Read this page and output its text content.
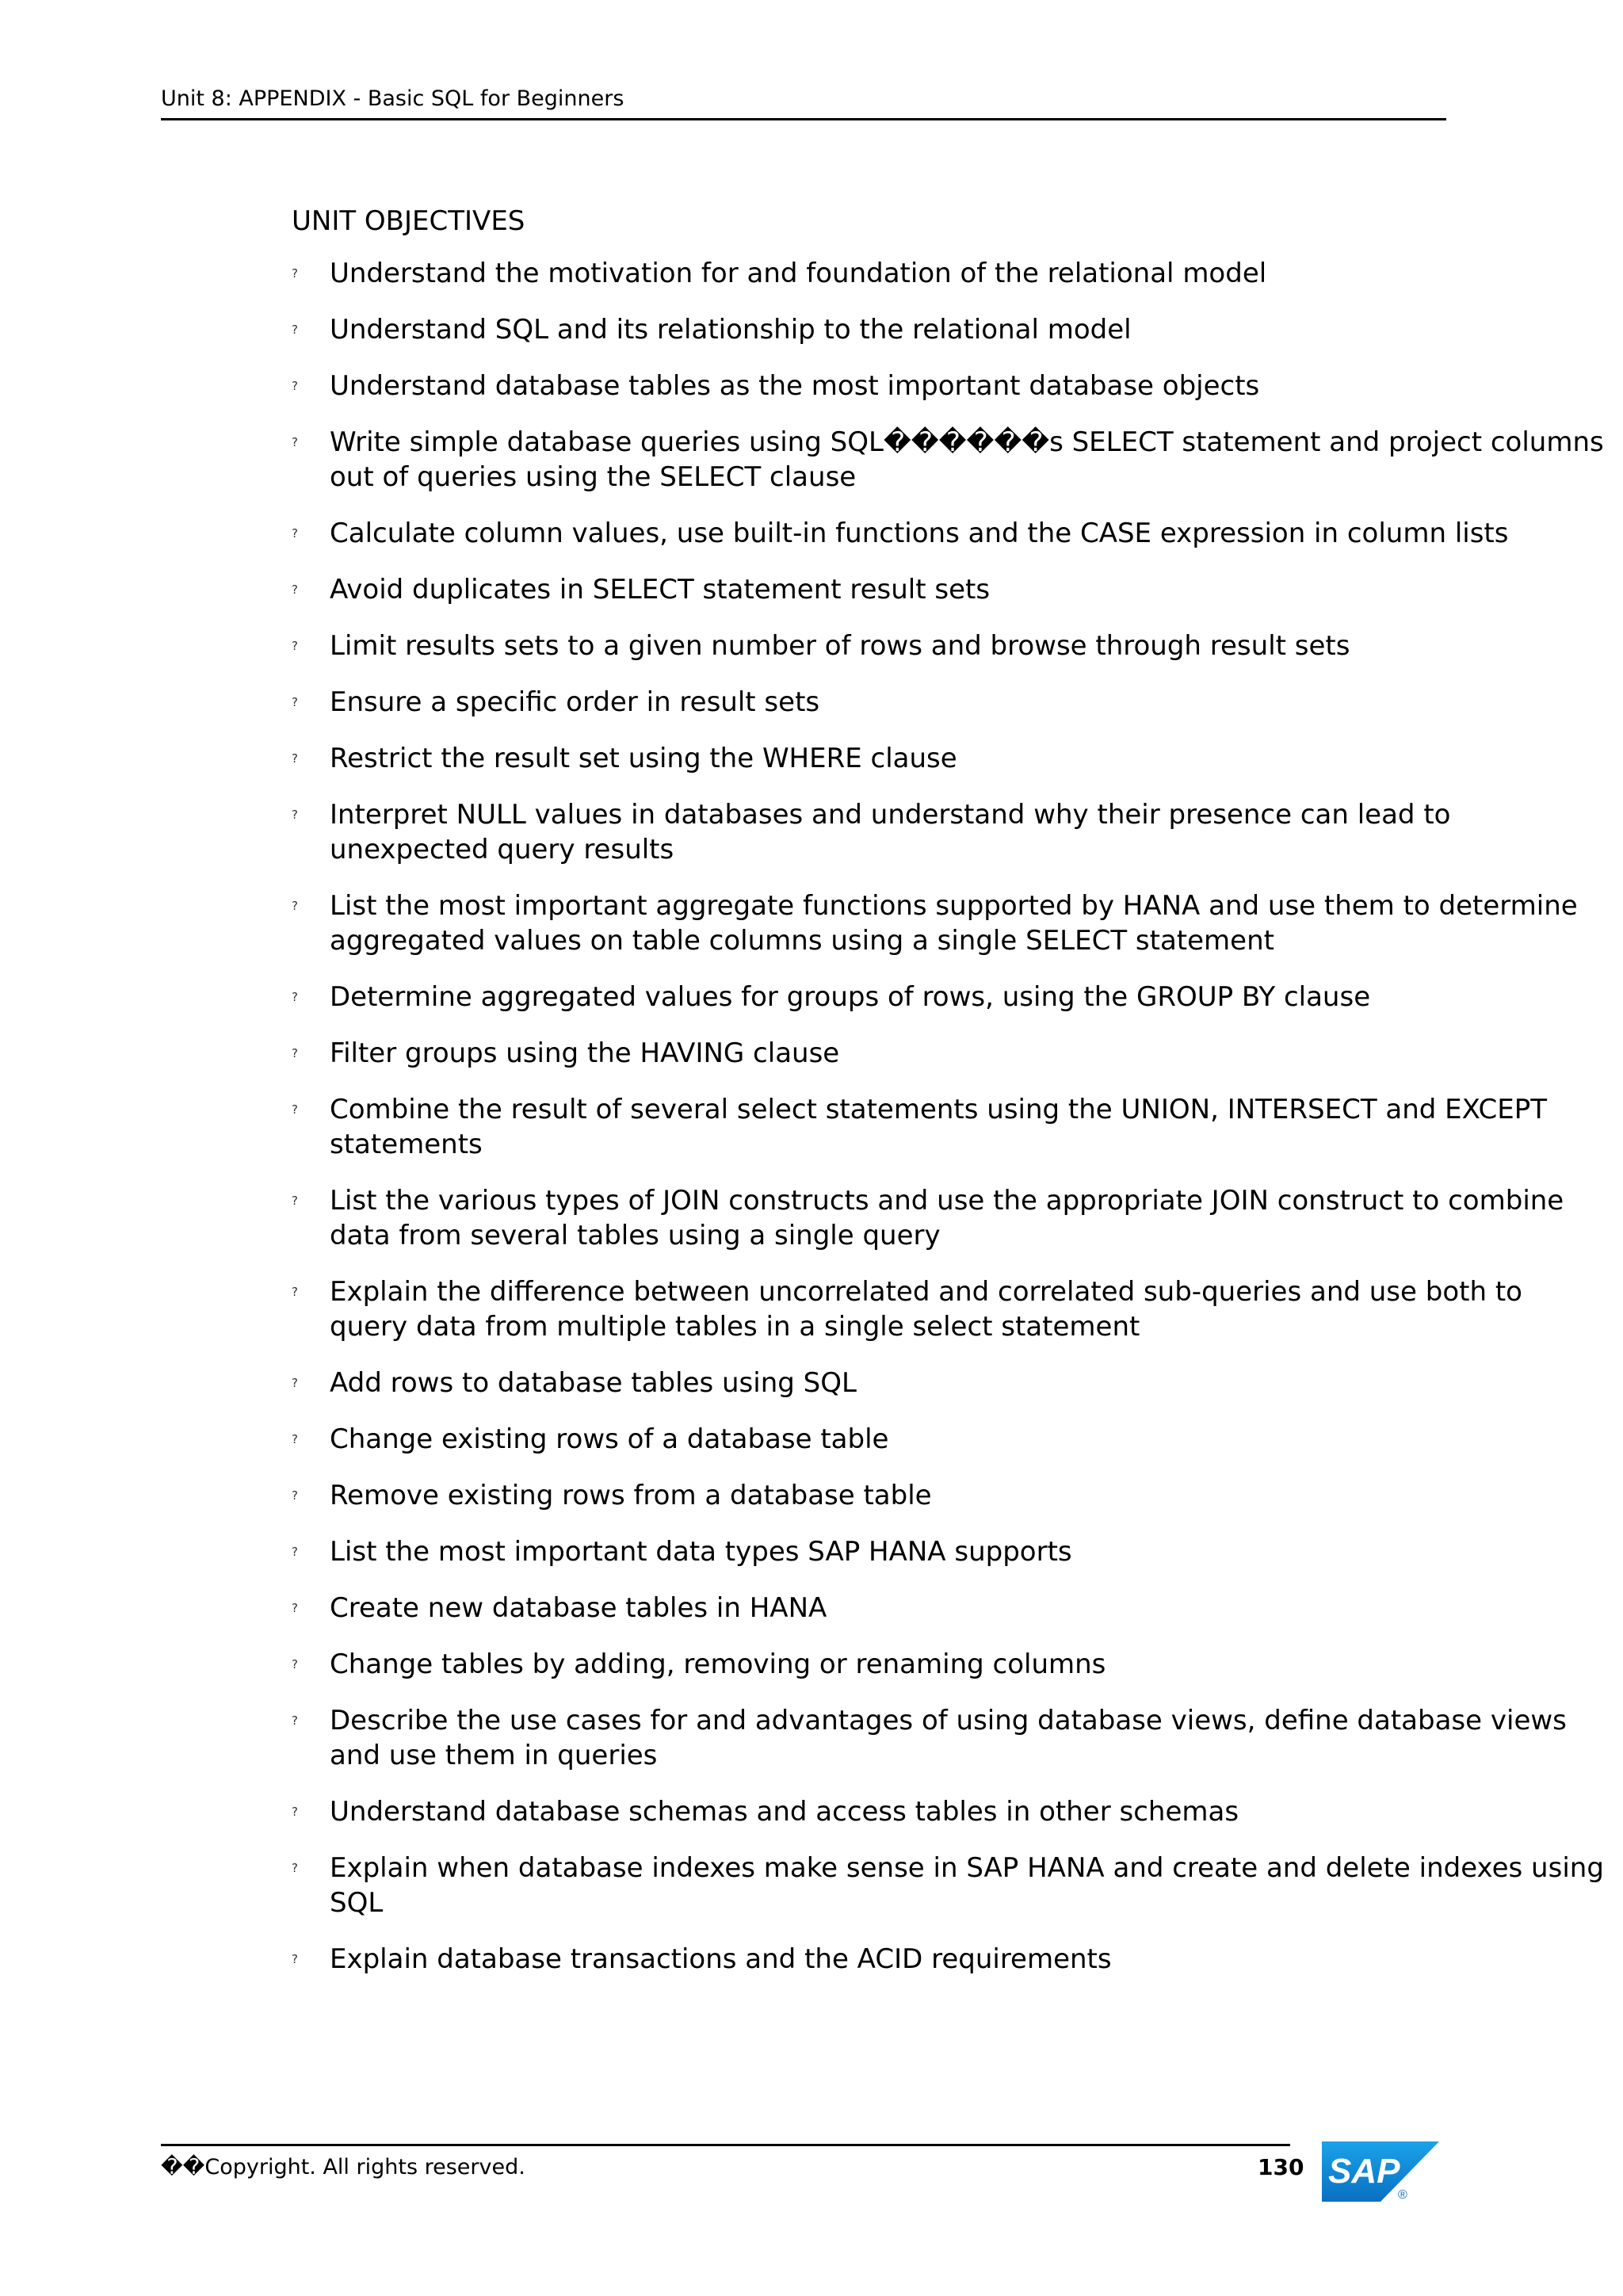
Unit 8: APPENDIX - Basic SQL for Beginners
UNIT OBJECTIVES
? Understand the motivation for and foundation of the relational model
? Understand SQL and its relationship to the relational model
? Understand database tables as the most important database objects
? Write simple database queries using SQL������s SELECT statement and project columns out of queries using the SELECT clause
? Calculate column values, use built-in functions and the CASE expression in column lists
? Avoid duplicates in SELECT statement result sets
? Limit results sets to a given number of rows and browse through result sets
? Ensure a specific order in result sets
? Restrict the result set using the WHERE clause
? Interpret NULL values in databases and understand why their presence can lead to unexpected query results
? List the most important aggregate functions supported by HANA and use them to determine aggregated values on table columns using a single SELECT statement
? Determine aggregated values for groups of rows, using the GROUP BY clause
? Filter groups using the HAVING clause
? Combine the result of several select statements using the UNION, INTERSECT and EXCEPT statements
? List the various types of JOIN constructs and use the appropriate JOIN construct to combine data from several tables using a single query
? Explain the difference between uncorrelated and correlated sub-queries and use both to query data from multiple tables in a single select statement
? Add rows to database tables using SQL
? Change existing rows of a database table
? Remove existing rows from a database table
? List the most important data types SAP HANA supports
? Create new database tables in HANA
? Change tables by adding, removing or renaming columns
? Describe the use cases for and advantages of using database views, define database views and use them in queries
? Understand database schemas and access tables in other schemas
? Explain when database indexes make sense in SAP HANA and create and delete indexes using SQL
? Explain database transactions and the ACID requirements
��Copyright. All rights reserved.	130 SAP
®
